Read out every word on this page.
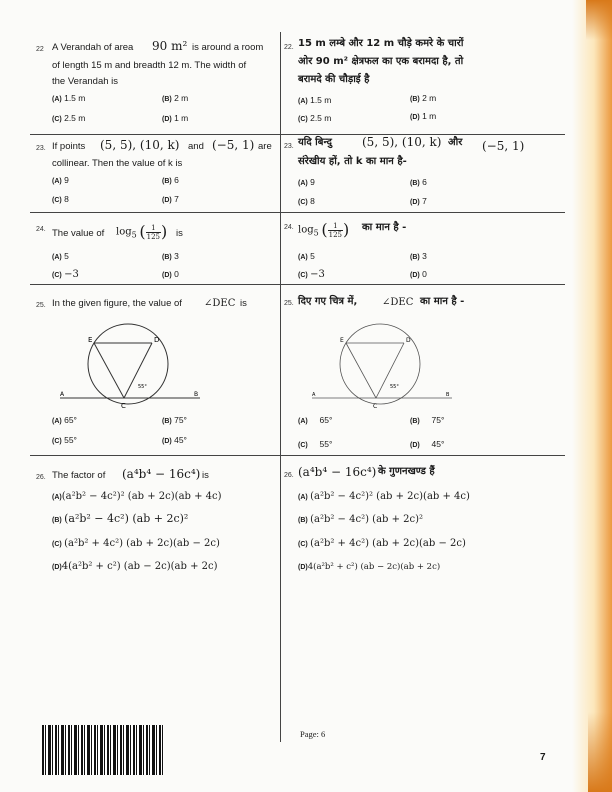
22 A Verandah of area 90 m² is around a room
of length 15 m and breadth 12 m. The width of
the Verandah is
(A) 1.5 m	(B) 2 m
(C) 2.5 m	(D) 1 m
22. 15 m लम्बे और 12 m चौड़े कमरे के चारों
ओर 90 m² क्षेत्रफल का एक बरामदा है, तो
बरामदे की चौड़ाई है
(A) 1.5 m	(B) 2 m
(C) 2.5 m	(D) 1 m
23. If points (5, 5), (10, k) and (−5, 1) are
collinear. Then the value of k is
(A) 9	(B) 6
(C) 8	(D) 7
23. यदि बिन्दु	(5, 5), (10, k) और (−5, 1)
संरेखीय हों, तो k का मान है-
(A) 9	(B) 6
(C) 8	(D) 7
24. The value of $\log_5$ ( $\frac{1}{125}$ ) is
(A) 5	(B) 3
(C) −3	(D) 0
24. $\log_5$ ( $\frac{1}{125}$ ) का मान है -
(A) 5	(B) 3
(C) −3	(D) 0
25. In the given figure, the value of ∠DEC is
E	D
C
A	B
55°
(A) 65°	(B) 75°
(C) 55°	(D) 45°
25. दिए गए चित्र में, ∠DEC का मान है -
E	D
C
A	B
55°
(A) 65°	(B) 75°
(C) 55°	(D) 45°
26. The factor of (a⁴b⁴ − 16c⁴) is
(A)(a²b² − 4c²)² (ab + 2c)(ab + 4c)
(B) (a²b² − 4c²) (ab + 2c)²
(C) (a²b² + 4c²) (ab + 2c)(ab − 2c)
(D)4(a²b² + c²) (ab − 2c)(ab + 2c)
26. (a⁴b⁴ − 16c⁴) के गुणनखण्ड हैं
(A) (a²b² − 4c²)² (ab + 2c)(ab + 4c)
(B) (a²b² − 4c²) (ab + 2c)²
(C) (a²b² + 4c²) (ab + 2c)(ab − 2c)
(D)4(a²b² + c²) (ab − 2c)(ab + 2c)
Page: 6
7
